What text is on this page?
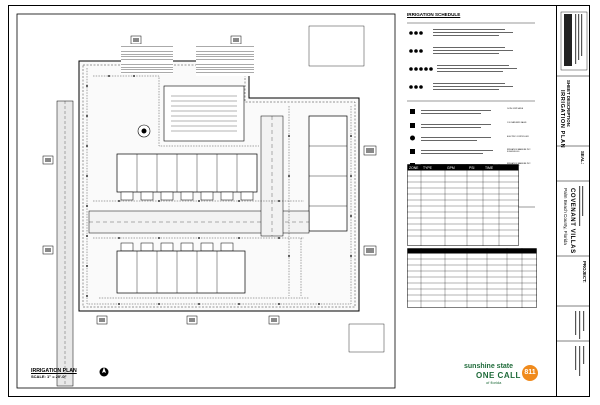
IRRIGATION PLAN
SCALE: 1" = 20'-0"
IRRIGATION SCHEDULE
ZONE TYPE	GPM	PSI	TIME
1/4 IN. DRIP VALVE
1 IN. RAIN BIRD VALVE
ELECTRIC CONTROLLER
IRRIGATION MAINLINE PVC SCHEDULE 40
IRRIGATION MAINLINE PVC SCHEDULE 40
sunshine state
ONE CALL
of florida
811
SHEET DESCRIPTION:
IRRIGATION PLAN
SEAL:
PROJECT:
COVENANT VILLAS
Palm Beach County, Florida
